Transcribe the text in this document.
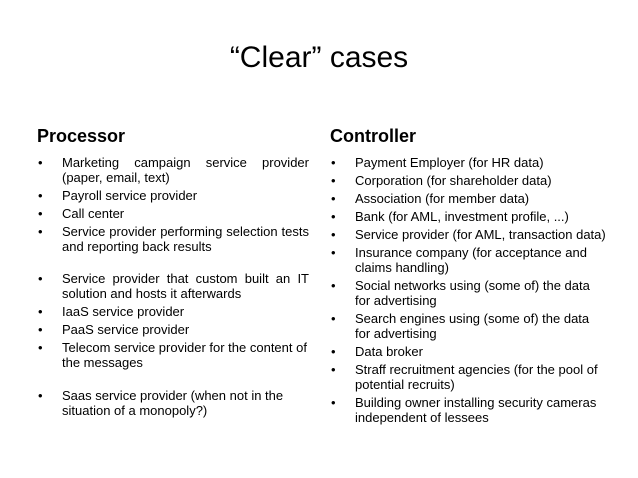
“Clear” cases
Processor
• Marketing campaign service provider (paper, email, text)
• Payroll service provider
• Call center
• Service provider performing selection tests and reporting back results
• Service provider that custom built an IT solution and hosts it afterwards
• IaaS service provider
• PaaS service provider
• Telecom service provider for the content of the messages
• Saas service provider (when not in the situation of a monopoly?)
Controller
• Payment Employer (for HR data)
• Corporation (for shareholder data)
• Association (for member data)
• Bank (for AML, investment profile, ...)
• Service provider (for AML, transaction data)
• Insurance company (for acceptance and claims handling)
• Social networks using (some of) the data for advertising
• Search engines using (some of) the data for advertising
• Data broker
• Straff recruitment agencies (for the pool of potential recruits)
• Building owner installing security cameras independent of lessees
